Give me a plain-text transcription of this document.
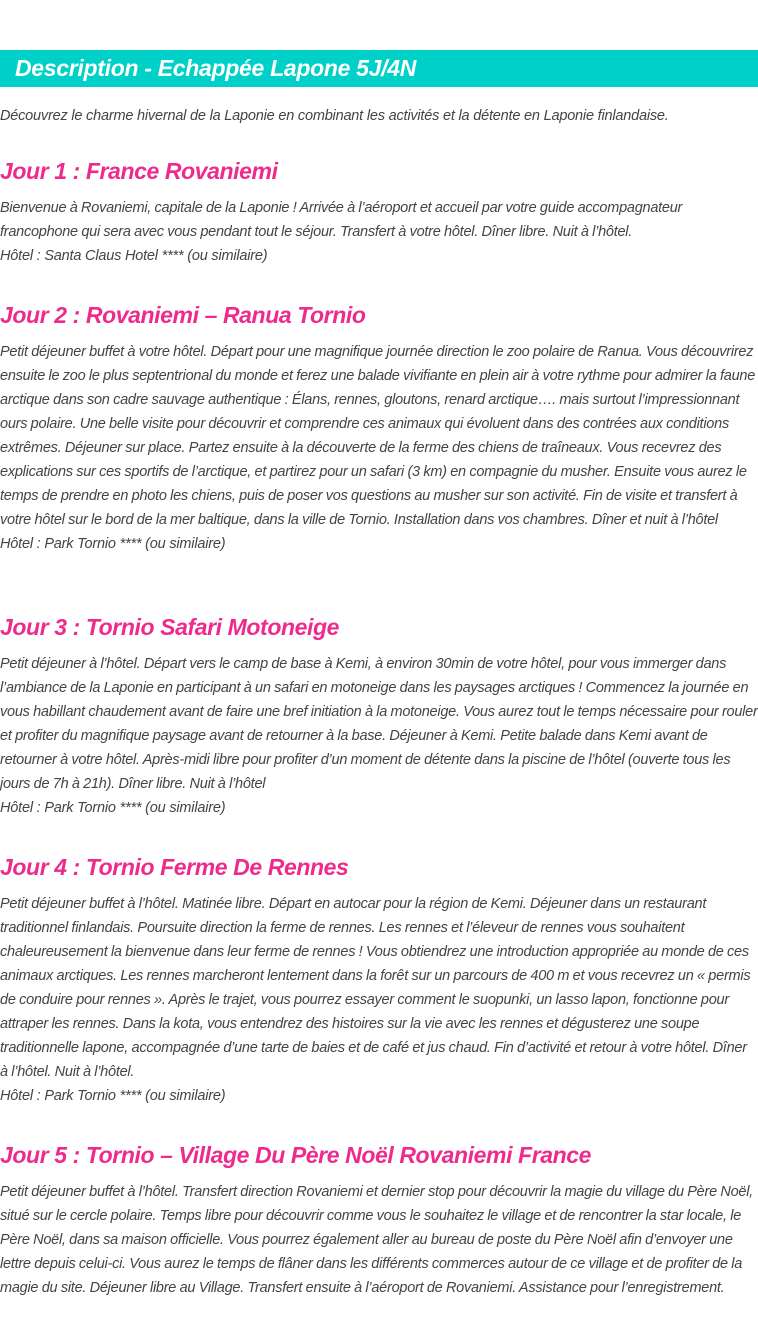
Description - Echappée Lapone 5J/4N

Découvrez le charme hivernal de la Laponie en combinant les activités et la détente en Laponie finlandaise.

Jour 1 : France Rovaniemi

Bienvenue à Rovaniemi, capitale de la Laponie ! Arrivée à l’aéroport et accueil par votre guide accompagnateur francophone qui sera avec vous pendant tout le séjour. Transfert à votre hôtel. Dîner libre. Nuit à l’hôtel.

Hôtel : Santa Claus Hotel **** (ou similaire)

Jour 2 : Rovaniemi – Ranua Tornio

Petit déjeuner buffet à votre hôtel. Départ pour une magnifique journée direction le zoo polaire de Ranua. Vous découvrirez ensuite le zoo le plus septentrional du monde et ferez une balade vivifiante en plein air à votre rythme pour admirer la faune arctique dans son cadre sauvage authentique : Élans, rennes, gloutons, renard arctique…. mais surtout l’impressionnant ours polaire. Une belle visite pour découvrir et comprendre ces animaux qui évoluent dans des contrées aux conditions extrêmes. Déjeuner sur place. Partez ensuite à la découverte de la ferme des chiens de traîneaux. Vous recevrez des explications sur ces sportifs de l’arctique, et partirez pour un safari (3 km) en compagnie du musher. Ensuite vous aurez le temps de prendre en photo les chiens, puis de poser vos questions au musher sur son activité. Fin de visite et transfert à votre hôtel sur le bord de la mer baltique, dans la ville de Tornio. Installation dans vos chambres. Dîner et nuit à l’hôtel

Hôtel : Park Tornio **** (ou similaire)

Jour 3 : Tornio Safari Motoneige

Petit déjeuner à l’hôtel. Départ vers le camp de base à Kemi, à environ 30min de votre hôtel, pour vous immerger dans l’ambiance de la Laponie en participant à un safari en motoneige dans les paysages arctiques ! Commencez la journée en vous habillant chaudement avant de faire une bref initiation à la motoneige. Vous aurez tout le temps nécessaire pour rouler et profiter du magnifique paysage avant de retourner à la base. Déjeuner à Kemi. Petite balade dans Kemi avant de retourner à votre hôtel. Après-midi libre pour profiter d’un moment de détente dans la piscine de l’hôtel (ouverte tous les jours de 7h à 21h). Dîner libre. Nuit à l’hôtel

Hôtel : Park Tornio **** (ou similaire)

Jour 4 : Tornio Ferme De Rennes

Petit déjeuner buffet à l’hôtel. Matinée libre. Départ en autocar pour la région de Kemi. Déjeuner dans un restaurant traditionnel finlandais. Poursuite direction la ferme de rennes. Les rennes et l’éleveur de rennes vous souhaitent chaleureusement la bienvenue dans leur ferme de rennes ! Vous obtiendrez une introduction appropriée au monde de ces animaux arctiques. Les rennes marcheront lentement dans la forêt sur un parcours de 400 m et vous recevrez un « permis de conduire pour rennes ». Après le trajet, vous pourrez essayer comment le suopunki, un lasso lapon, fonctionne pour attraper les rennes. Dans la kota, vous entendrez des histoires sur la vie avec les rennes et dégusterez une soupe traditionnelle lapone, accompagnée d’une tarte de baies et de café et jus chaud. Fin d’activité et retour à votre hôtel. Dîner à l’hôtel. Nuit à l’hôtel.

Hôtel : Park Tornio **** (ou similaire)

Jour 5 : Tornio – Village Du Père Noël Rovaniemi France

Petit déjeuner buffet à l’hôtel. Transfert direction Rovaniemi et dernier stop pour découvrir la magie du village du Père Noël, situé sur le cercle polaire. Temps libre pour découvrir comme vous le souhaitez le village et de rencontrer la star locale, le Père Noël, dans sa maison officielle. Vous pourrez également aller au bureau de poste du Père Noël afin d’envoyer une lettre depuis celui-ci. Vous aurez le temps de flâner dans les différents commerces autour de ce village et de profiter de la magie du site. Déjeuner libre au Village. Transfert ensuite à l’aéroport de Rovaniemi. Assistance pour l’enregistrement.
